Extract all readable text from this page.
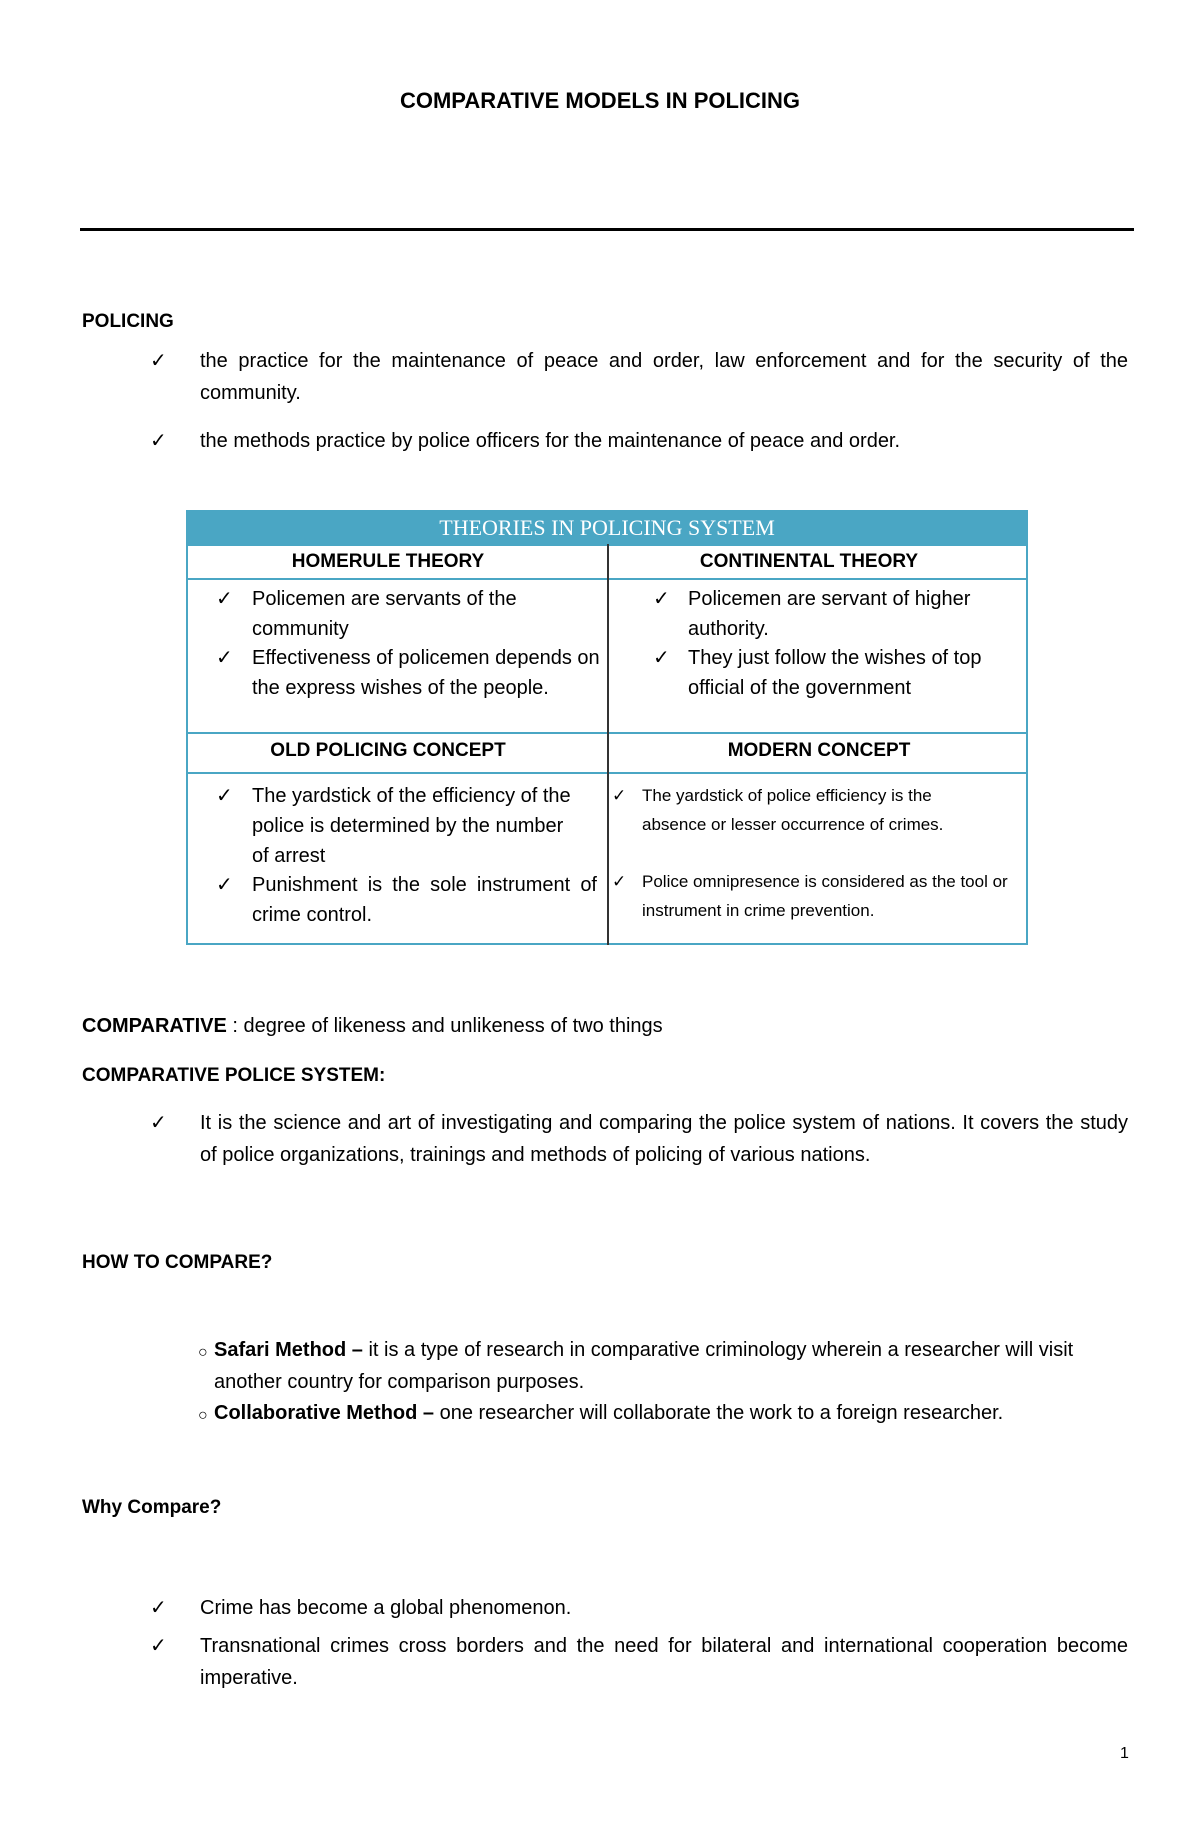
COMPARATIVE MODELS IN POLICING
POLICING
✓ the practice for the maintenance of peace and order, law enforcement and for the security of the community.
✓ the methods practice by police officers for the maintenance of peace and order.
THEORIES IN POLICING SYSTEM
HOMERULE THEORY	CONTINENTAL THEORY
✓ Policemen are servants of the community
✓ Effectiveness of policemen depends on the express wishes of the people.
✓ Policemen are servant of higher authority.
✓ They just follow the wishes of top official of the government
OLD POLICING CONCEPT	MODERN CONCEPT
✓ The yardstick of the efficiency of the police is determined by the number of arrest
✓ Punishment is the sole instrument of crime control.
✓ The yardstick of police efficiency is the absence or lesser occurrence of crimes.
✓ Police omnipresence is considered as the tool or instrument in crime prevention.
COMPARATIVE : degree of likeness and unlikeness of two things
COMPARATIVE POLICE SYSTEM:
✓ It is the science and art of investigating and comparing the police system of nations. It covers the study of police organizations, trainings and methods of policing of various nations.
HOW TO COMPARE?
○ Safari Method – it is a type of research in comparative criminology wherein a researcher will visit another country for comparison purposes.
○ Collaborative Method – one researcher will collaborate the work to a foreign researcher.
Why Compare?
✓ Crime has become a global phenomenon.
✓ Transnational crimes cross borders and the need for bilateral and international cooperation become imperative.
1
